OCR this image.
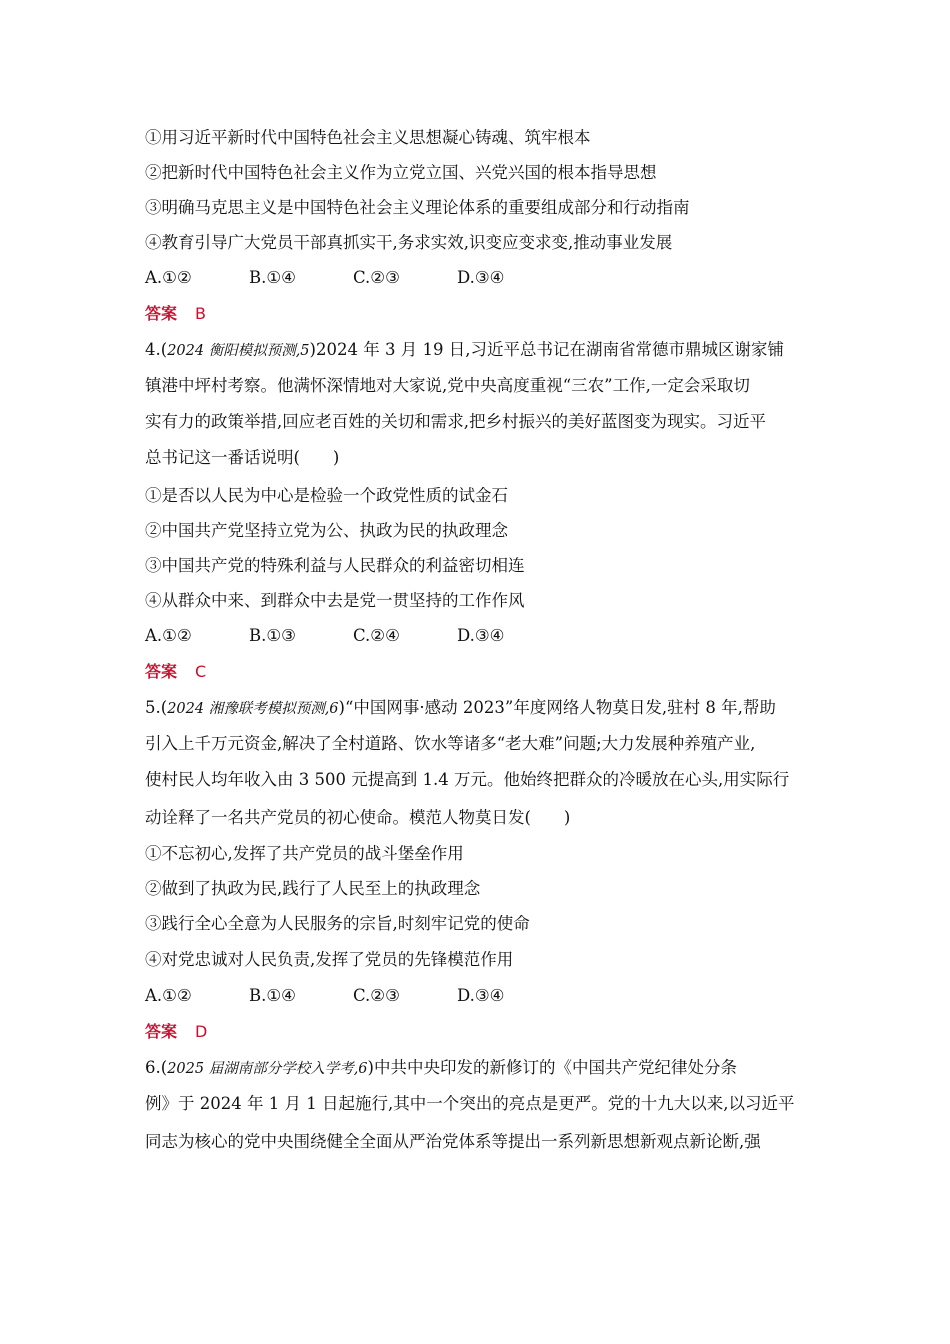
①用习近平新时代中国特色社会主义思想凝心铸魂、筑牢根本
②把新时代中国特色社会主义作为立党立国、兴党兴国的根本指导思想
③明确马克思主义是中国特色社会主义理论体系的重要组成部分和行动指南
④教育引导广大党员干部真抓实干,务求实效,识变应变求变,推动事业发展
A.①②	B.①④	C.②③	D.③④
答案 B
4.(2024 衡阳模拟预测,5)2024 年 3 月 19 日,习近平总书记在湖南省常德市鼎城区谢家铺
镇港中坪村考察。他满怀深情地对大家说,党中央高度重视“三农”工作,一定会采取切
实有力的政策举措,回应老百姓的关切和需求,把乡村振兴的美好蓝图变为现实。习近平
总书记这一番话说明(　　)
①是否以人民为中心是检验一个政党性质的试金石
②中国共产党坚持立党为公、执政为民的执政理念
③中国共产党的特殊利益与人民群众的利益密切相连
④从群众中来、到群众中去是党一贯坚持的工作作风
A.①②	B.①③	C.②④	D.③④
答案 C
5.(2024 湘豫联考模拟预测,6)“中国网事·感动 2023”年度网络人物莫日发,驻村 8 年,帮助
引入上千万元资金,解决了全村道路、饮水等诸多“老大难”问题;大力发展种养殖产业,
使村民人均年收入由 3 500 元提高到 1.4 万元。他始终把群众的冷暖放在心头,用实际行
动诠释了一名共产党员的初心使命。模范人物莫日发(　　)
①不忘初心,发挥了共产党员的战斗堡垒作用
②做到了执政为民,践行了人民至上的执政理念
③践行全心全意为人民服务的宗旨,时刻牢记党的使命
④对党忠诚对人民负责,发挥了党员的先锋模范作用
A.①②	B.①④	C.②③	D.③④
答案 D
6.(2025 届湖南部分学校入学考,6)中共中央印发的新修订的《中国共产党纪律处分条
例》于 2024 年 1 月 1 日起施行,其中一个突出的亮点是更严。党的十九大以来,以习近平
同志为核心的党中央围绕健全全面从严治党体系等提出一系列新思想新观点新论断,强
